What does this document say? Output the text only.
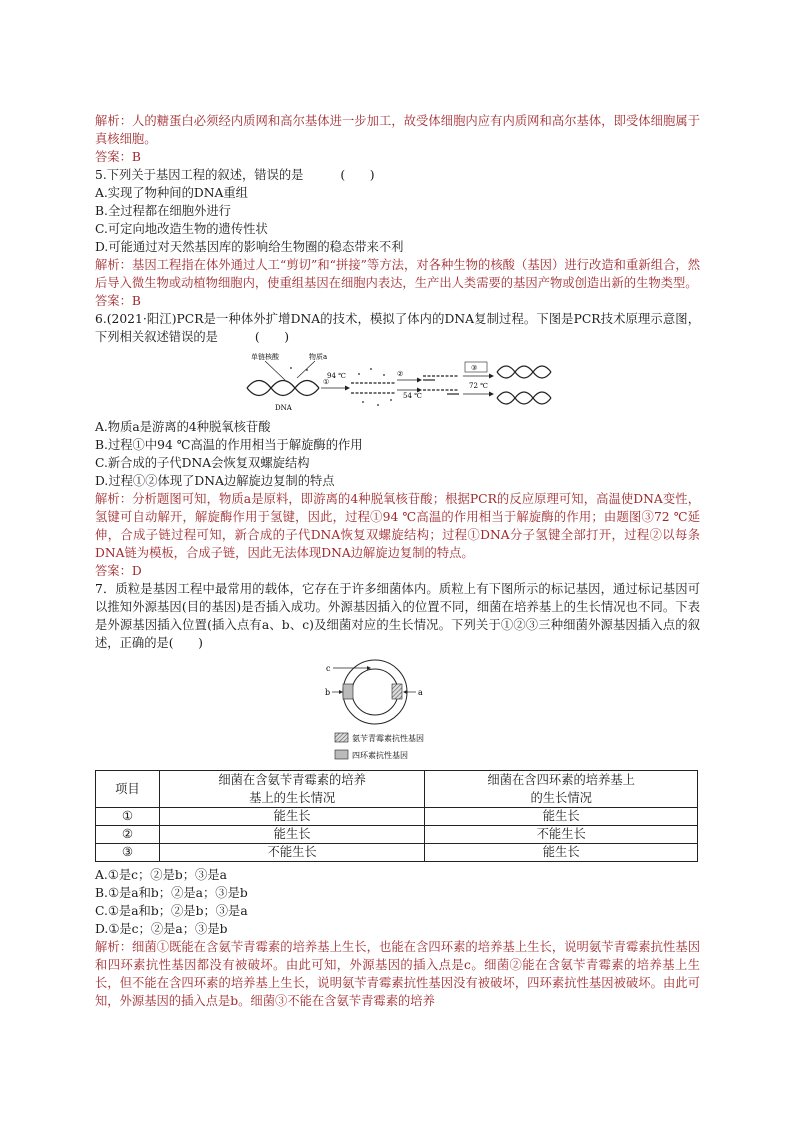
解析：人的糖蛋白必须经内质网和高尔基体进一步加工，故受体细胞内应有内质网和高尔基体，即受体细胞属于真核细胞。
答案：B
5.下列关于基因工程的叙述，错误的是　　　(　　)
A.实现了物种间的DNA重组
B.全过程都在细胞外进行
C.可定向地改造生物的遗传性状
D.可能通过对天然基因库的影响给生物圈的稳态带来不利
解析：基因工程指在体外通过人工“剪切”和“拼接”等方法，对各种生物的核酸（基因）进行改造和重新组合，然后导入微生物或动植物细胞内，使重组基因在细胞内表达，生产出人类需要的基因产物或创造出新的生物类型。
答案：B
6.(2021·阳江)PCR是一种体外扩增DNA的技术，模拟了体内的DNA复制过程。下图是PCR技术原理示意图，下列相关叙述错误的是　　　(　　)
单链核酸	物质a
DNA
①
94 ℃	②
54 ℃
③
72 ℃
A.物质a是游离的4种脱氧核苷酸
B.过程①中94 ℃高温的作用相当于解旋酶的作用
C.新合成的子代DNA会恢复双螺旋结构
D.过程①②体现了DNA边解旋边复制的特点
解析：分析题图可知，物质a是原料，即游离的4种脱氧核苷酸；根据PCR的反应原理可知，高温使DNA变性，氢键可自动解开，解旋酶作用于氢键，因此，过程①94 ℃高温的作用相当于解旋酶的作用；由题图③72 ℃延伸，合成子链过程可知，新合成的子代DNA恢复双螺旋结构；过程①DNA分子氢键全部打开，过程②以每条DNA链为模板，合成子链，因此无法体现DNA边解旋边复制的特点。
答案：D
7．质粒是基因工程中最常用的载体，它存在于许多细菌体内。质粒上有下图所示的标记基因，通过标记基因可以推知外源基因(目的基因)是否插入成功。外源基因插入的位置不同，细菌在培养基上的生长情况也不同。下表是外源基因插入位置(插入点有a、b、c)及细菌对应的生长情况。下列关于①②③三种细菌外源基因插入点的叙述，正确的是(　　)
c
b	a
氨苄青霉素抗性基因
四环素抗性基因
项目	细菌在含氨苄青霉素的培养基上的生长情况	细菌在含四环素的培养基上的生长情况
①	能生长	能生长
②	能生长	不能生长
③	不能生长	能生长
A.①是c；②是b；③是a
B.①是a和b；②是a；③是b
C.①是a和b；②是b；③是a
D.①是c；②是a；③是b
解析：细菌①既能在含氨苄青霉素的培养基上生长，也能在含四环素的培养基上生长，说明氨苄青霉素抗性基因和四环素抗性基因都没有被破坏。由此可知，外源基因的插入点是c。细菌②能在含氨苄青霉素的培养基上生长，但不能在含四环素的培养基上生长，说明氨苄青霉素抗性基因没有被破坏，四环素抗性基因被破坏。由此可知，外源基因的插入点是b。细菌③不能在含氨苄青霉素的培养
